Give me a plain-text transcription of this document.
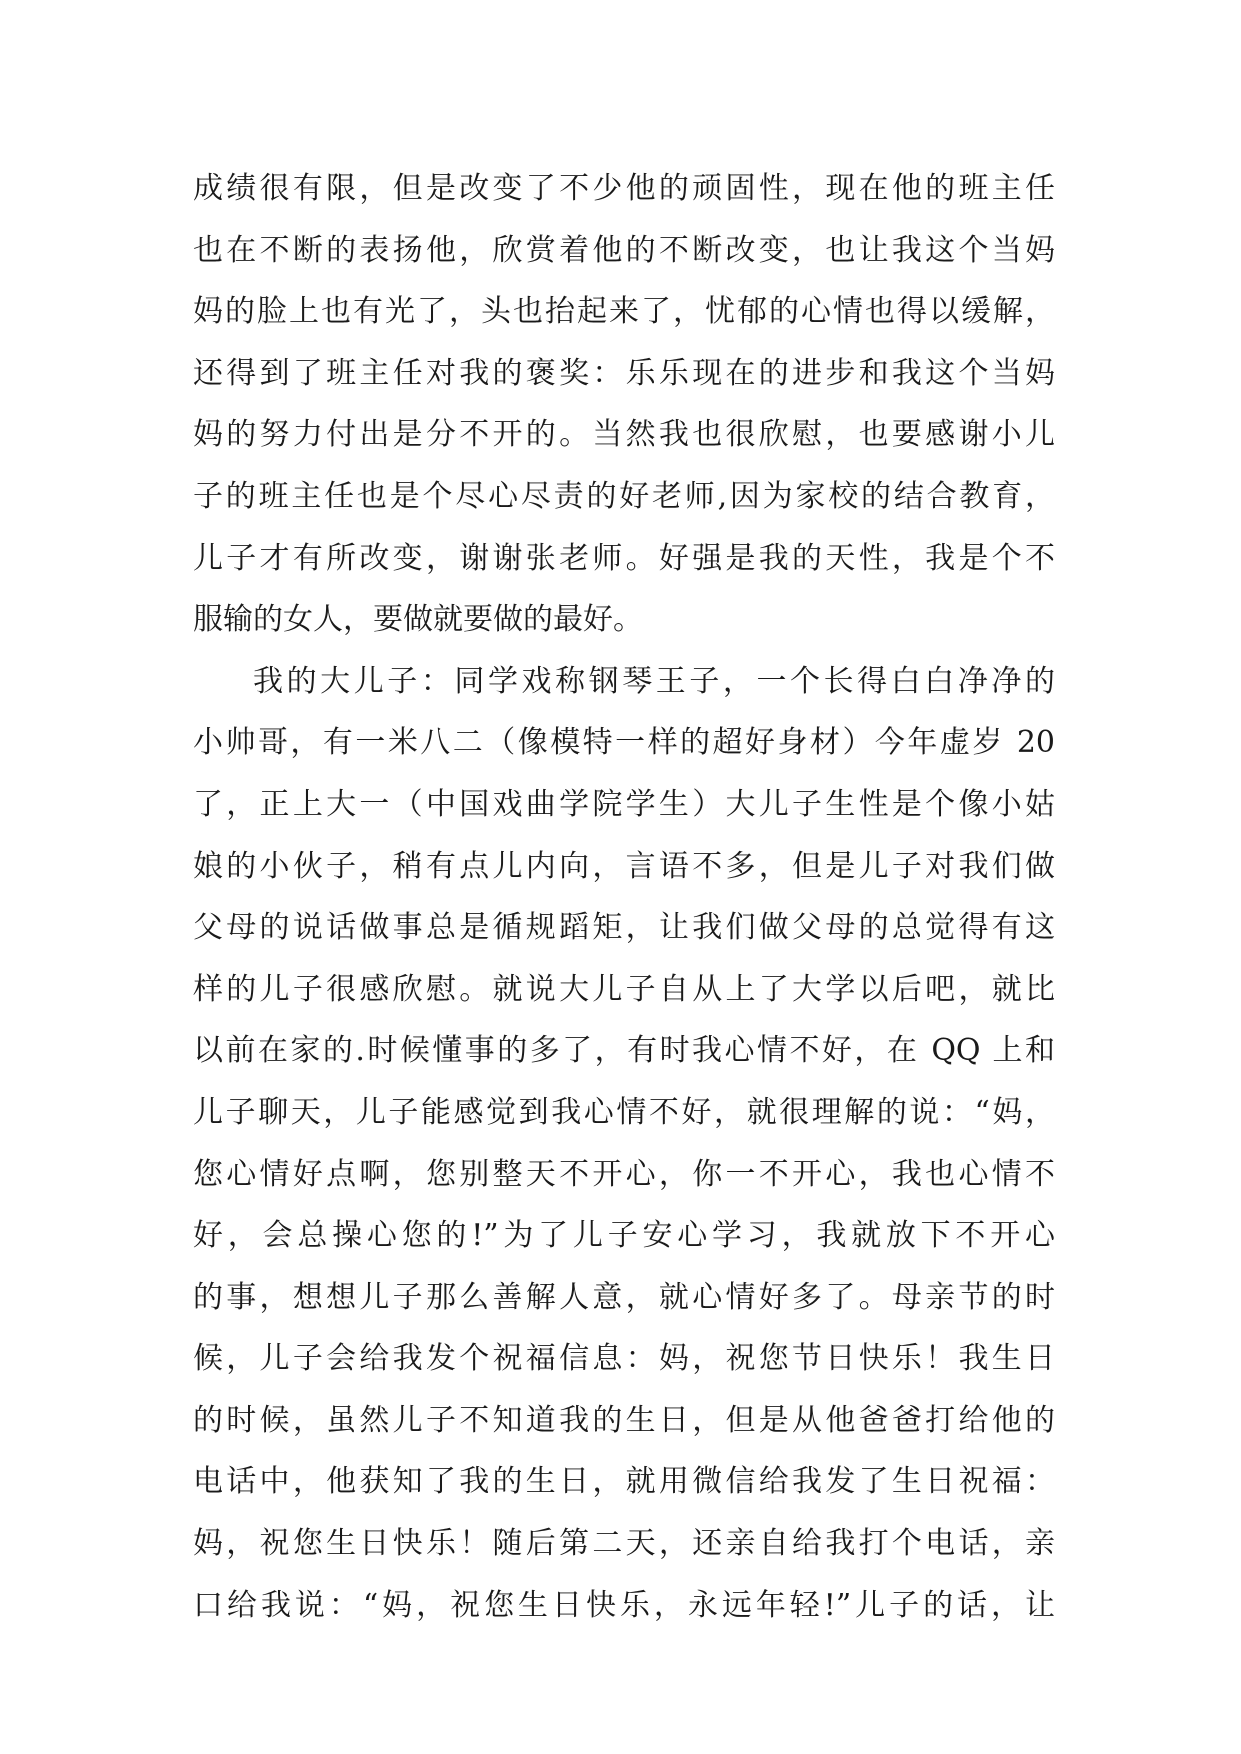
成绩很有限，但是改变了不少他的顽固性，现在他的班主任
也在不断的表扬他，欣赏着他的不断改变，也让我这个当妈
妈的脸上也有光了，头也抬起来了，忧郁的心情也得以缓解，
还得到了班主任对我的褒奖：乐乐现在的进步和我这个当妈
妈的努力付出是分不开的。当然我也很欣慰，也要感谢小儿
子的班主任也是个尽心尽责的好老师,因为家校的结合教育，
儿子才有所改变，谢谢张老师。好强是我的天性，我是个不
服输的女人，要做就要做的最好。
我的大儿子：同学戏称钢琴王子，一个长得白白净净的
小帅哥，有一米八二（像模特一样的超好身材）今年虚岁 20
了，正上大一（中国戏曲学院学生）大儿子生性是个像小姑
娘的小伙子，稍有点儿内向，言语不多，但是儿子对我们做
父母的说话做事总是循规蹈矩，让我们做父母的总觉得有这
样的儿子很感欣慰。就说大儿子自从上了大学以后吧，就比
以前在家的.时候懂事的多了，有时我心情不好，在 QQ 上和
儿子聊天，儿子能感觉到我心情不好，就很理解的说：“妈，
您心情好点啊，您别整天不开心，你一不开心，我也心情不
好，会总操心您的!”为了儿子安心学习，我就放下不开心
的事，想想儿子那么善解人意，就心情好多了。母亲节的时
候，儿子会给我发个祝福信息：妈，祝您节日快乐！我生日
的时候，虽然儿子不知道我的生日，但是从他爸爸打给他的
电话中，他获知了我的生日，就用微信给我发了生日祝福：
妈，祝您生日快乐！随后第二天，还亲自给我打个电话，亲
口给我说：“妈，祝您生日快乐，永远年轻!”儿子的话，让
